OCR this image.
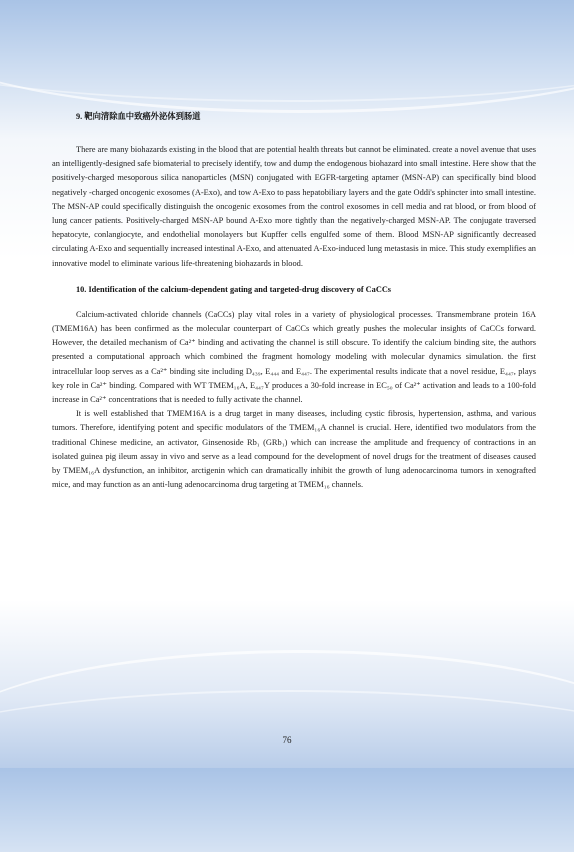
9. 靶向清除血中致癌外泌体到肠道

There are many biohazards existing in the blood that are potential health threats but cannot be eliminated. create a novel avenue that uses an intelligently-designed safe biomaterial to precisely identify, tow and dump the endogenous biohazard into small intestine. Here show that the positively-charged mesoporous silica nanoparticles (MSN) conjugated with EGFR-targeting aptamer (MSN-AP) can specifically bind blood negatively -charged oncogenic exosomes (A-Exo), and tow A-Exo to pass hepatobiliary layers and the gate Oddi's sphincter into small intestine. The MSN-AP could specifically distinguish the oncogenic exosomes from the control exosomes in cell media and rat blood, or from blood of lung cancer patients. Positively-charged MSN-AP bound A-Exo more tightly than the negatively-charged MSN-AP. The conjugate traversed hepatocyte, conlangiocyte, and endothelial monolayers but Kupffer cells engulfed some of them. Blood MSN-AP significantly decreased circulating A-Exo and sequentially increased intestinal A-Exo, and attenuated A-Exo-induced lung metastasis in mice. This study exemplifies an innovative model to eliminate various life-threatening biohazards in blood.

10. Identification of the calcium-dependent gating and targeted-drug discovery of CaCCs

Calcium-activated chloride channels (CaCCs) play vital roles in a variety of physiological processes. Transmembrane protein 16A (TMEM16A) has been confirmed as the molecular counterpart of CaCCs which greatly pushes the molecular insights of CaCCs forward. However, the detailed mechanism of Ca²⁺ binding and activating the channel is still obscure. To identify the calcium binding site, the authors presented a computational approach which combined the fragment homology modeling with molecular dynamics simulation. the first intracellular loop serves as a Ca²⁺ binding site including D₄₃₉, E₄₄₄ and E₄₄₇. The experimental results indicate that a novel residue, E₄₄₇, plays key role in Ca²⁺ binding. Compared with WT TMEM₁₆A, E₄₄₇Y produces a 30-fold increase in EC₅₀ of Ca²⁺ activation and leads to a 100-fold increase in Ca²⁺ concentrations that is needed to fully activate the channel.

It is well established that TMEM16A is a drug target in many diseases, including cystic fibrosis, hypertension, asthma, and various tumors. Therefore, identifying potent and specific modulators of the TMEM₁₆A channel is crucial. Here, identified two modulators from the traditional Chinese medicine, an activator, Ginsenoside Rb₁ (GRb₁) which can increase the amplitude and frequency of contractions in an isolated guinea pig ileum assay in vivo and serve as a lead compound for the development of novel drugs for the treatment of diseases caused by TMEM₁₆A dysfunction, an inhibitor, arctigenin which can dramatically inhibit the growth of lung adenocarcinoma tumors in xenografted mice, and may function as an anti-lung adenocarcinoma drug targeting at TMEM₁₆ channels.

76
